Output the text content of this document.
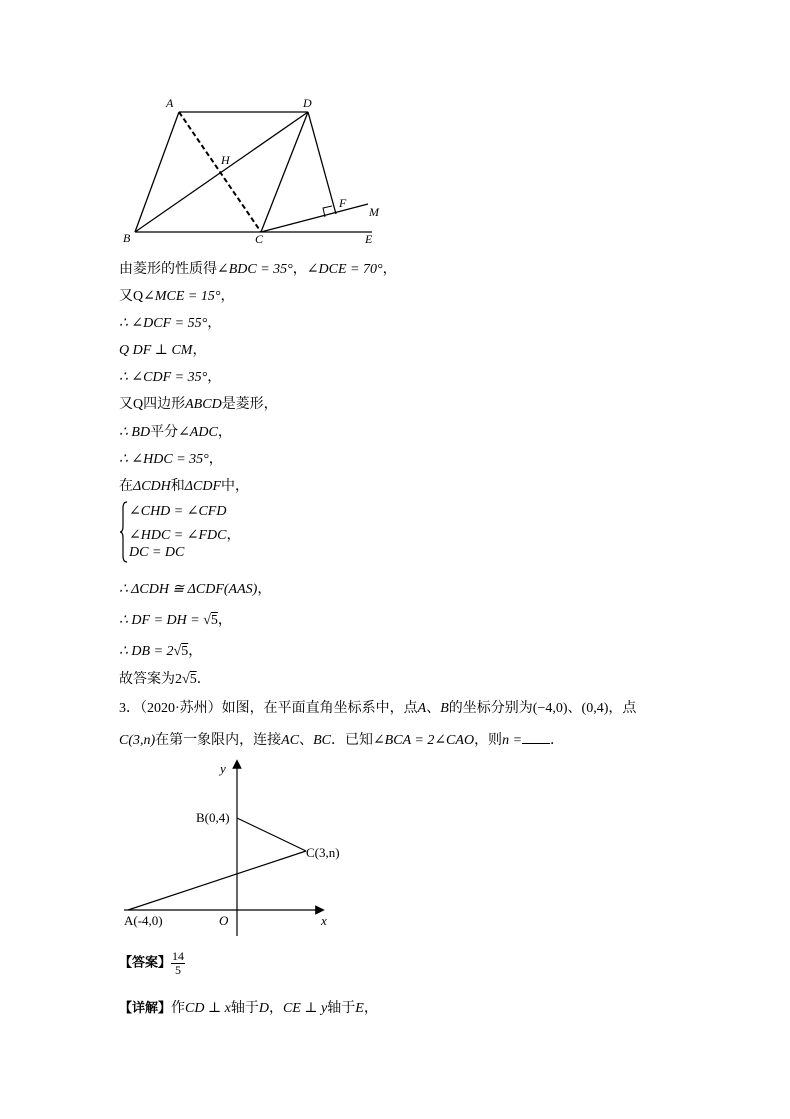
A	D
H
F
M
B	C	E
由菱形的性质得∠BDC = 35°，∠DCE = 70°，
又Q∠MCE = 15°，
∴ ∠DCF = 55°，
Q DF ⊥ CM，
∴ ∠CDF = 35°，
又Q四边形ABCD是菱形，
∴ BD平分∠ADC，
∴ ∠HDC = 35°，
在ΔCDH和ΔCDF中，
∠CHD = ∠CFD
∠HDC = ∠FDC，
DC = DC
∴ ΔCDH ≅ ΔCDF(AAS)，
∴ DF = DH = √5，
∴ DB = 2√5，
故答案为2√5．
3．（2020·苏州）如图，在平面直角坐标系中，点A、B的坐标分别为(−4,0)、(0,4)，点
C(3,n)在第一象限内，连接AC、BC．已知∠BCA = 2∠CAO，则n = ．
y
B(0,4)
C(3,n)
A(-4,0)	O	x
【答案】 $\frac{14}{5}$
【详解】作CD ⊥ x轴于D，CE ⊥ y轴于E，
